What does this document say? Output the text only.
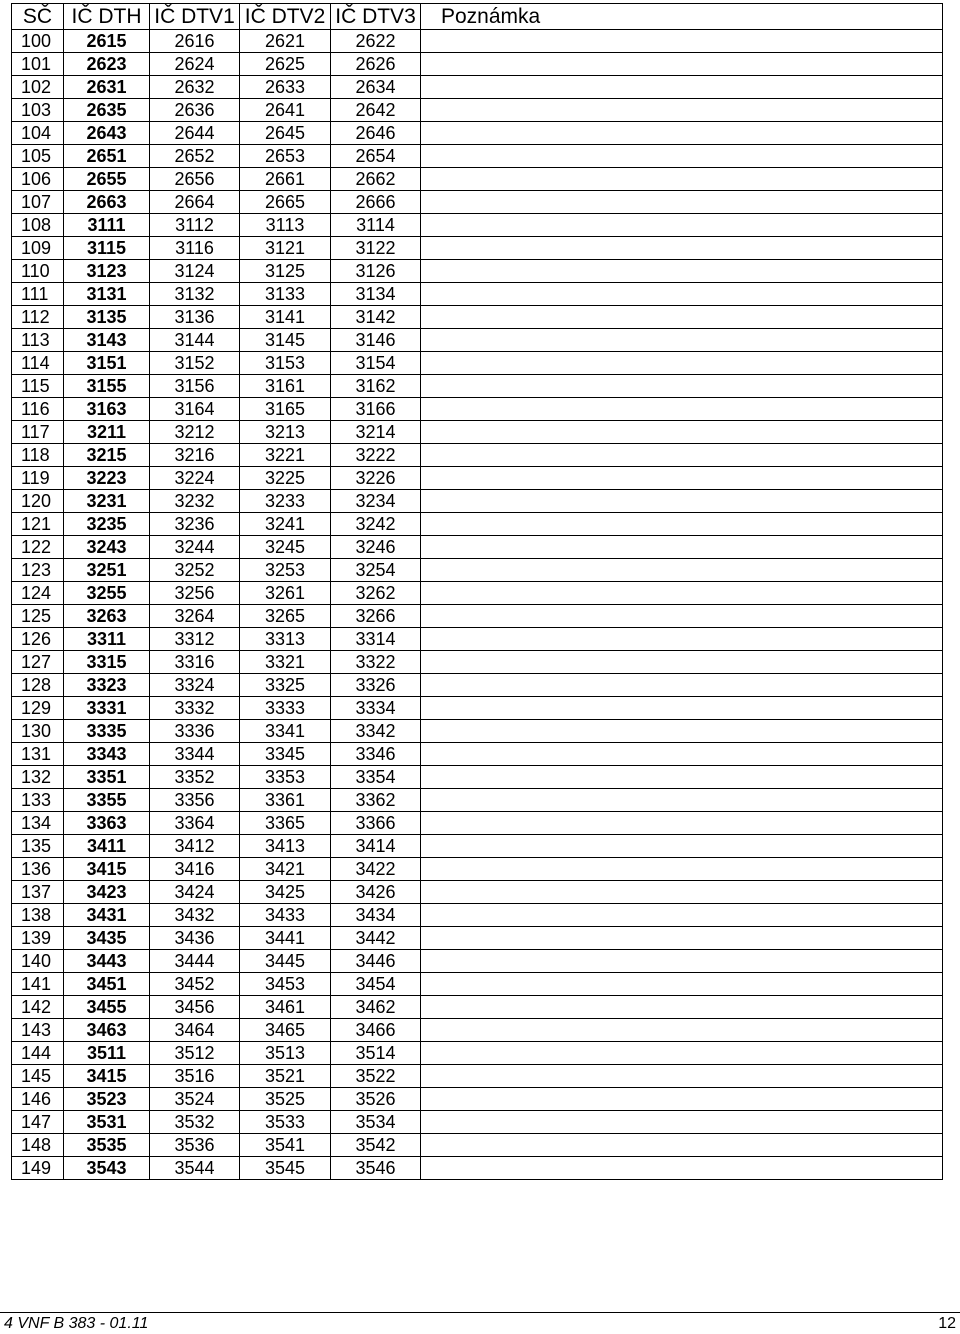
SČ	IČ DTH	IČ DTV1	IČ DTV2	IČ DTV3	Poznámka
100	2615	2616	2621	2622	
101	2623	2624	2625	2626	
102	2631	2632	2633	2634	
103	2635	2636	2641	2642	
104	2643	2644	2645	2646	
105	2651	2652	2653	2654	
106	2655	2656	2661	2662	
107	2663	2664	2665	2666	
108	3111	3112	3113	3114	
109	3115	3116	3121	3122	
110	3123	3124	3125	3126	
111	3131	3132	3133	3134	
112	3135	3136	3141	3142	
113	3143	3144	3145	3146	
114	3151	3152	3153	3154	
115	3155	3156	3161	3162	
116	3163	3164	3165	3166	
117	3211	3212	3213	3214	
118	3215	3216	3221	3222	
119	3223	3224	3225	3226	
120	3231	3232	3233	3234	
121	3235	3236	3241	3242	
122	3243	3244	3245	3246	
123	3251	3252	3253	3254	
124	3255	3256	3261	3262	
125	3263	3264	3265	3266	
126	3311	3312	3313	3314	
127	3315	3316	3321	3322	
128	3323	3324	3325	3326	
129	3331	3332	3333	3334	
130	3335	3336	3341	3342	
131	3343	3344	3345	3346	
132	3351	3352	3353	3354	
133	3355	3356	3361	3362	
134	3363	3364	3365	3366	
135	3411	3412	3413	3414	
136	3415	3416	3421	3422	
137	3423	3424	3425	3426	
138	3431	3432	3433	3434	
139	3435	3436	3441	3442	
140	3443	3444	3445	3446	
141	3451	3452	3453	3454	
142	3455	3456	3461	3462	
143	3463	3464	3465	3466	
144	3511	3512	3513	3514	
145	3415	3516	3521	3522	
146	3523	3524	3525	3526	
147	3531	3532	3533	3534	
148	3535	3536	3541	3542	
149	3543	3544	3545	3546	
4 VNF B 383 - 01.11	12
